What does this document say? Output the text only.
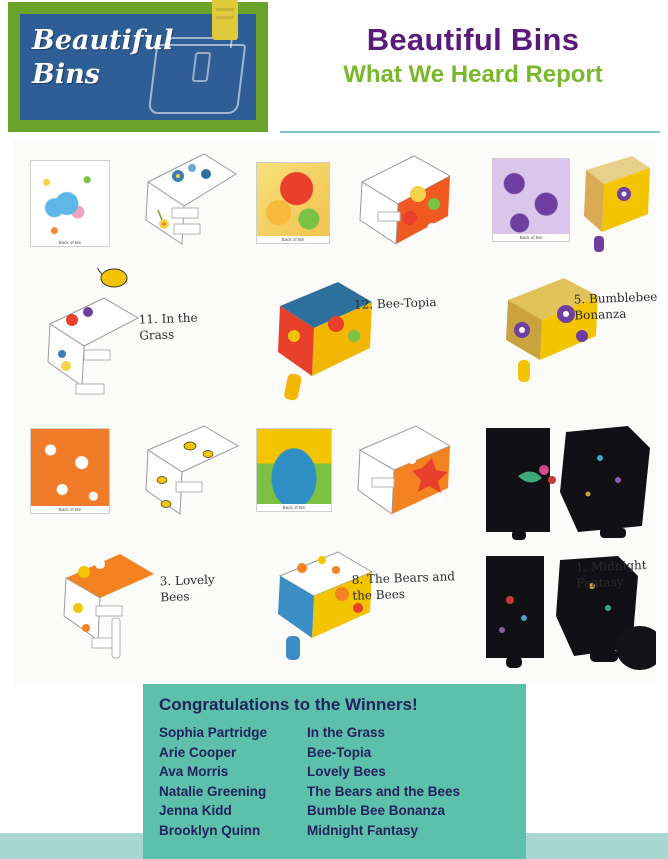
Beautiful
Bins
Beautiful Bins
What We Heard Report
Back of Bin
Back of Bin	Back of Bin
Back of Bin	Back of Bin
11. In the Grass
12. Bee-Topia	5. Bumblebee Bonanza
3. Lovely Bees
8. The Bears and the Bees
1. Midnight Fantasy
Congratulations to the Winners!
Sophia Partridge	In the Grass
Arie Cooper	Bee-Topia
Ava Morris	Lovely Bees
Natalie Greening	The Bears and the Bees
Jenna Kidd	Bumble Bee Bonanza
Brooklyn Quinn	Midnight Fantasy
